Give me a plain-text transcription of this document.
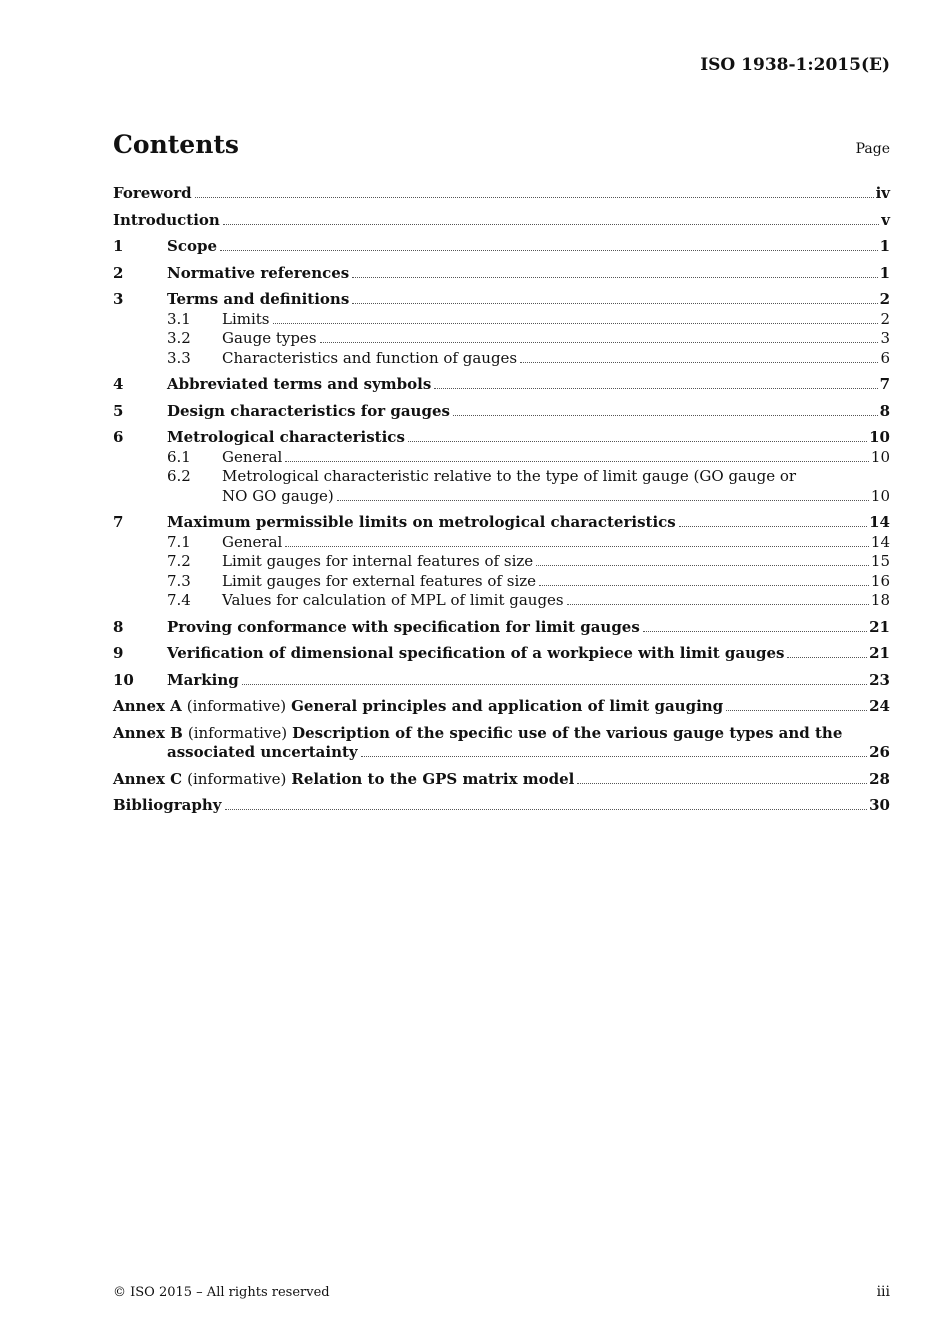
ISO 1938-1:2015(E)
Contents	Page
Foreword	iv
Introduction	v
1	Scope	1
2	Normative references	1
3	Terms and definitions	2
3.1	Limits	2
3.2	Gauge types	3
3.3	Characteristics and function of gauges	6
4	Abbreviated terms and symbols	7
5	Design characteristics for gauges	8
6	Metrological characteristics	10
6.1	General	10
6.2	Metrological characteristic relative to the type of limit gauge (GO gauge or
NO GO gauge)	10
7	Maximum permissible limits on metrological characteristics	14
7.1	General	14
7.2	Limit gauges for internal features of size	15
7.3	Limit gauges for external features of size	16
7.4	Values for calculation of MPL of limit gauges	18
8	Proving conformance with specification for limit gauges	21
9	Verification of dimensional specification of a workpiece with limit gauges	21
10	Marking	23
Annex A (informative) General principles and application of limit gauging	24
Annex B (informative) Description of the specific use of the various gauge types and the
associated uncertainty	26
Annex C (informative) Relation to the GPS matrix model	28
Bibliography	30
© ISO 2015 – All rights reserved	iii
